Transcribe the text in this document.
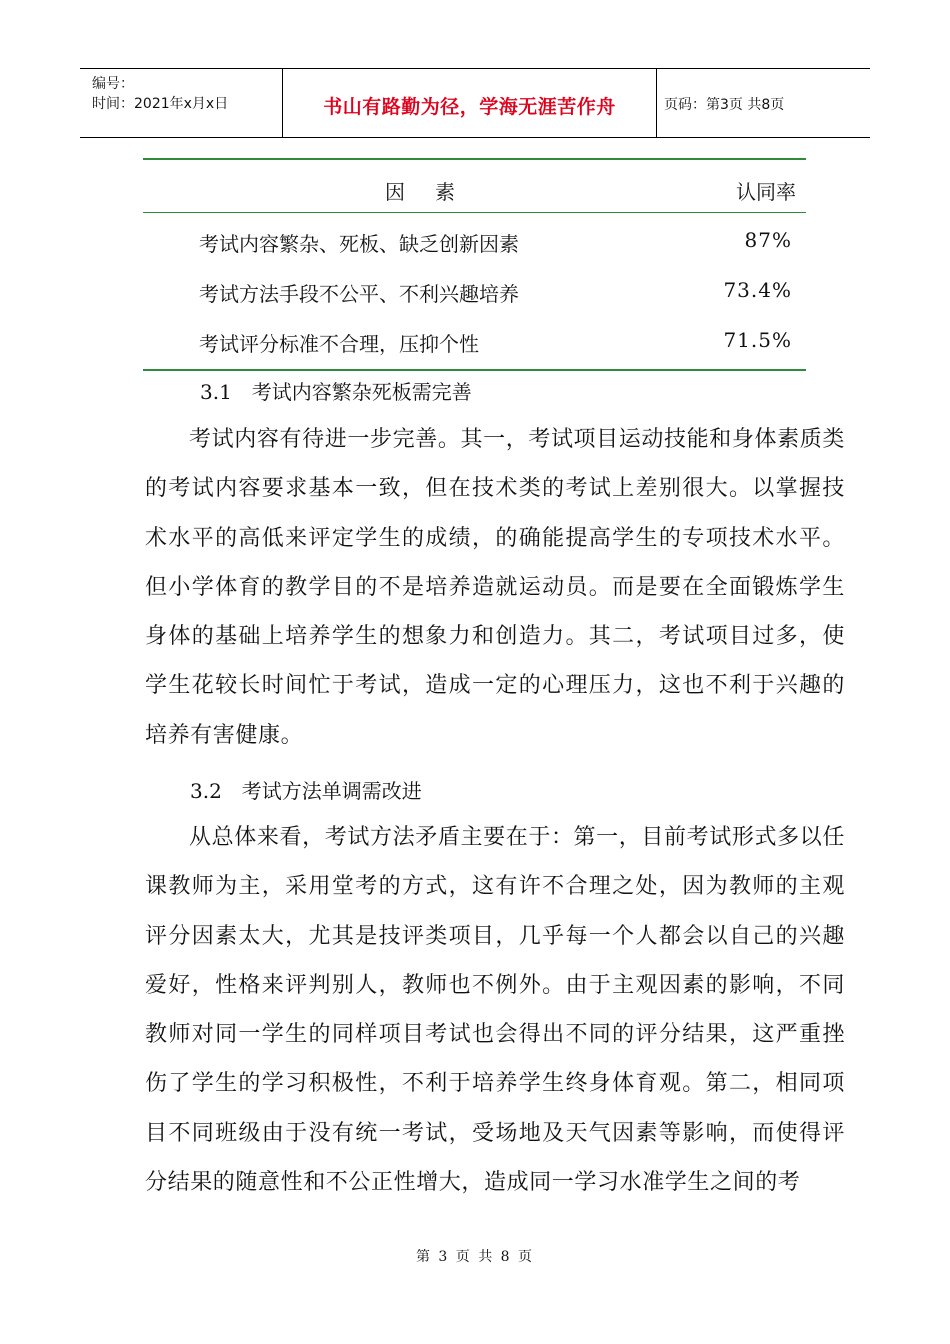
编号：
时间：2021年x月x日	书山有路勤为径，学海无涯苦作舟	页码：第3页 共8页
因素	认同率
考试内容繁杂、死板、缺乏创新因素	87%
考试方法手段不公平、不利兴趣培养	73.4%
考试评分标准不合理，压抑个性	71.5%
3.1　考试内容繁杂死板需完善

考试内容有待进一步完善。其一，考试项目运动技能和身体素质类的考试内容要求基本一致，但在技术类的考试上差别很大。以掌握技术水平的高低来评定学生的成绩，的确能提高学生的专项技术水平。但小学体育的教学目的不是培养造就运动员。而是要在全面锻炼学生身体的基础上培养学生的想象力和创造力。其二，考试项目过多，使学生花较长时间忙于考试，造成一定的心理压力，这也不利于兴趣的培养有害健康。

3.2　考试方法单调需改进

从总体来看，考试方法矛盾主要在于：第一，目前考试形式多以任课教师为主，采用堂考的方式，这有许不合理之处，因为教师的主观评分因素太大，尤其是技评类项目，几乎每一个人都会以自己的兴趣爱好，性格来评判别人，教师也不例外。由于主观因素的影响，不同教师对同一学生的同样项目考试也会得出不同的评分结果，这严重挫伤了学生的学习积极性，不利于培养学生终身体育观。第二，相同项目不同班级由于没有统一考试，受场地及天气因素等影响，而使得评分结果的随意性和不公正性增大，造成同一学习水准学生之间的考

第 3 页 共 8 页
